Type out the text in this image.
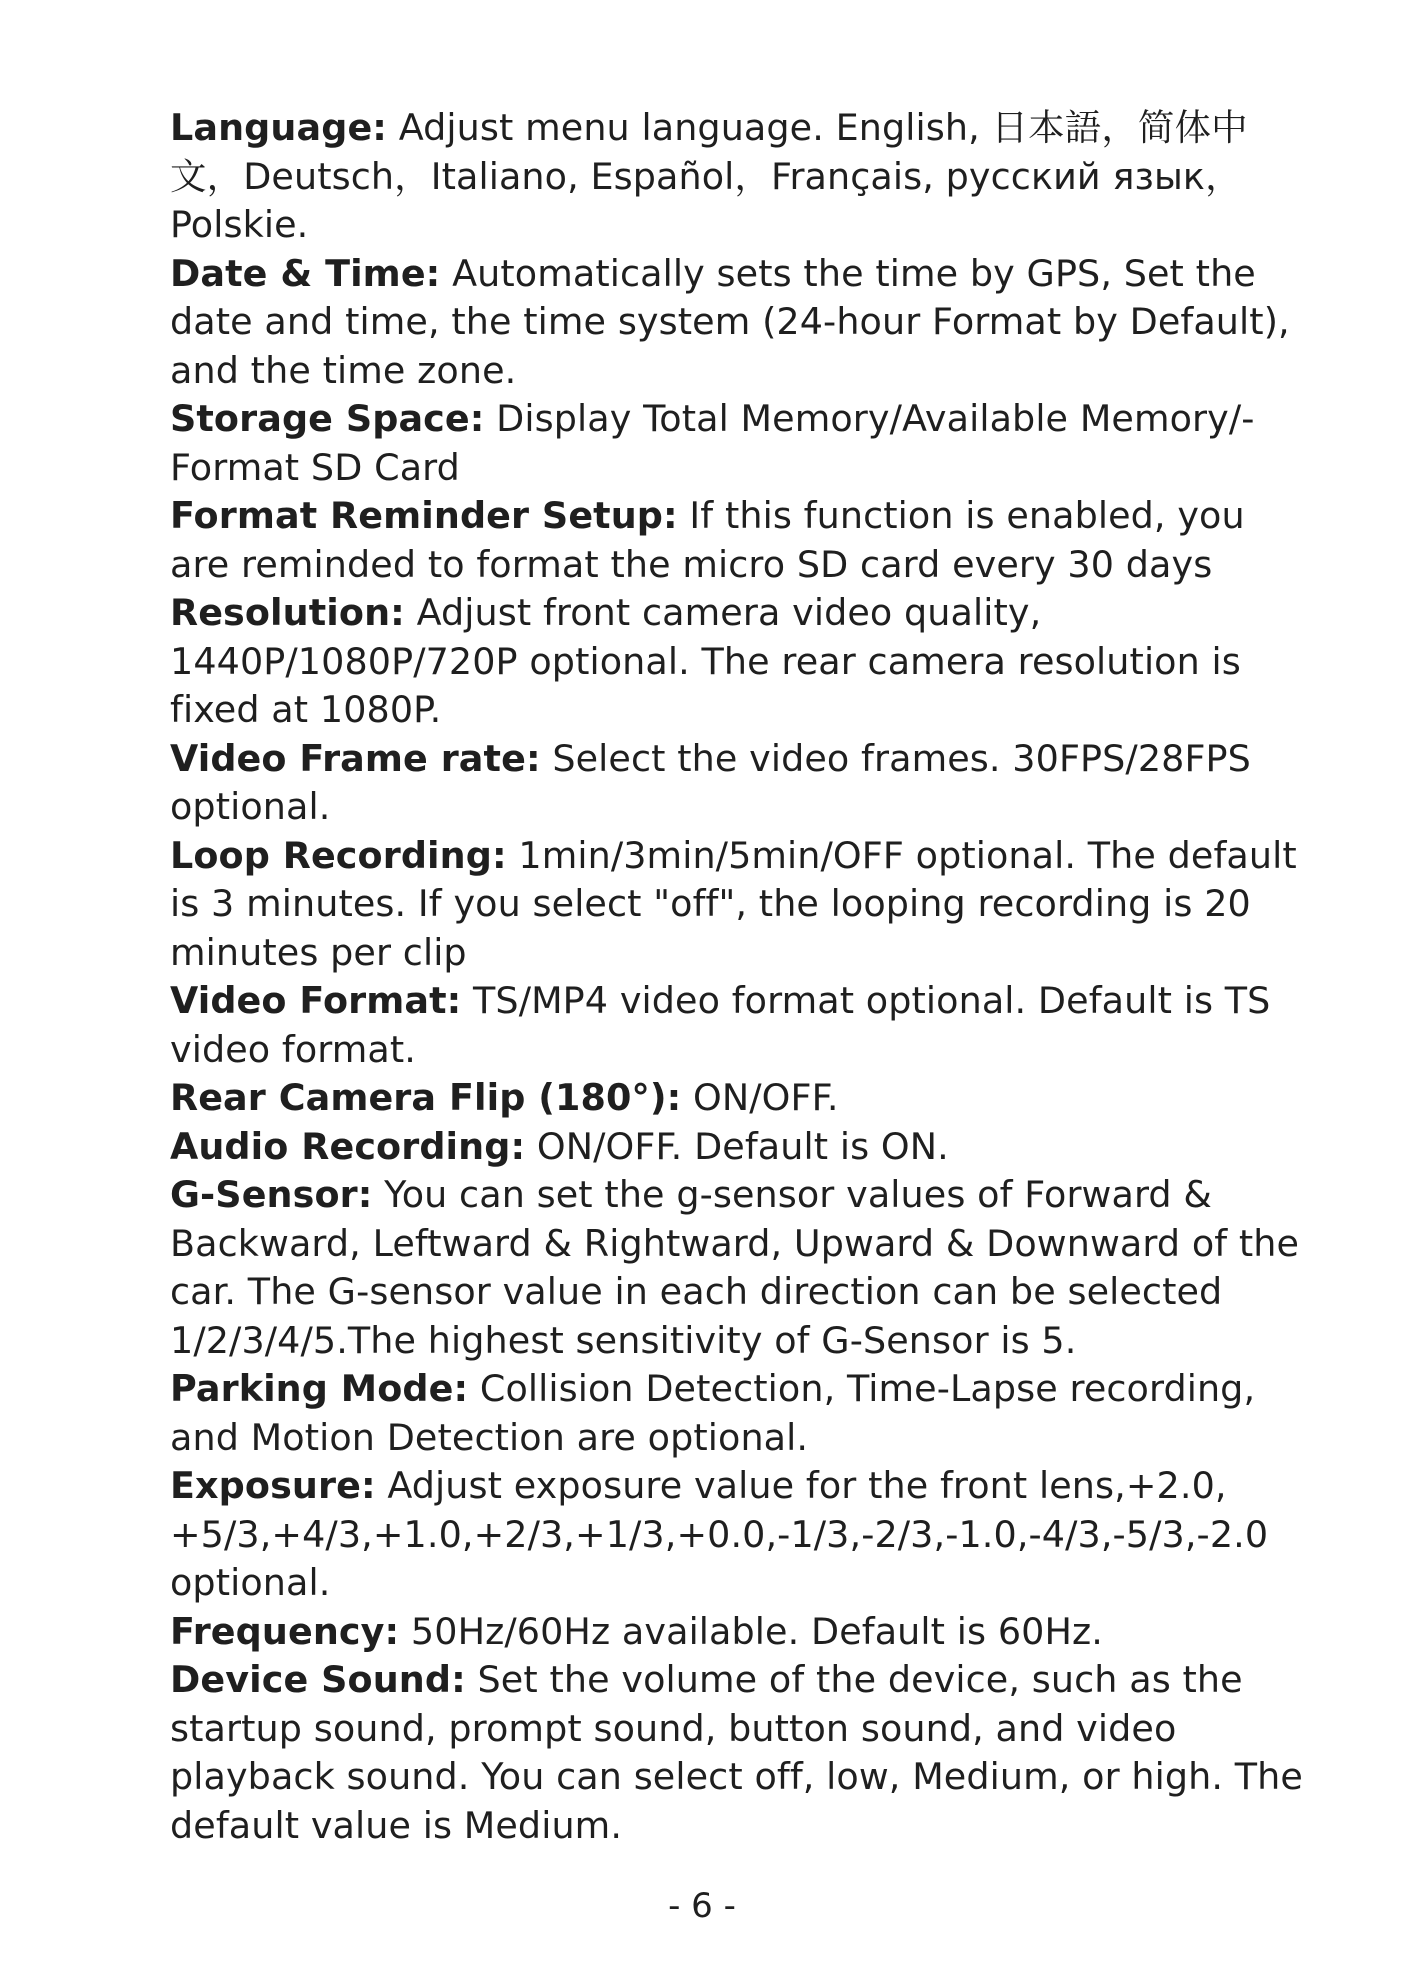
Language: Adjust menu language. English, 日本語，简体中文，Deutsch，Italiano, Español，Français, русский язык，Polskie.

Date & Time: Automatically sets the time by GPS, Set the date and time, the time system (24-hour Format by Default), and the time zone.

Storage Space: Display Total Memory/Available Memory/-Format SD Card

Format Reminder Setup: If this function is enabled, you are reminded to format the micro SD card every 30 days

Resolution: Adjust front camera video quality, 1440P/1080P/720P optional. The rear camera resolution is fixed at 1080P.

Video Frame rate: Select the video frames. 30FPS/28FPS optional.

Loop Recording: 1min/3min/5min/OFF optional. The default is 3 minutes. If you select "off", the looping recording is 20 minutes per clip

Video Format: TS/MP4 video format optional. Default is TS video format.

Rear Camera Flip (180°): ON/OFF.

Audio Recording: ON/OFF. Default is ON.

G-Sensor: You can set the g-sensor values of Forward & Backward, Leftward & Rightward, Upward & Downward of the car. The G-sensor value in each direction can be selected 1/2/3/4/5.The highest sensitivity of G-Sensor is 5.

Parking Mode: Collision Detection, Time-Lapse recording, and Motion Detection are optional.

Exposure: Adjust exposure value for the front lens,+2.0, +5/3,+4/3,+1.0,+2/3,+1/3,+0.0,-1/3,-2/3,-1.0,-4/3,-5/3,-2.0 optional.

Frequency: 50Hz/60Hz available. Default is 60Hz.

Device Sound: Set the volume of the device, such as the startup sound, prompt sound, button sound, and video playback sound. You can select off, low, Medium, or high. The default value is Medium.

- 6 -
